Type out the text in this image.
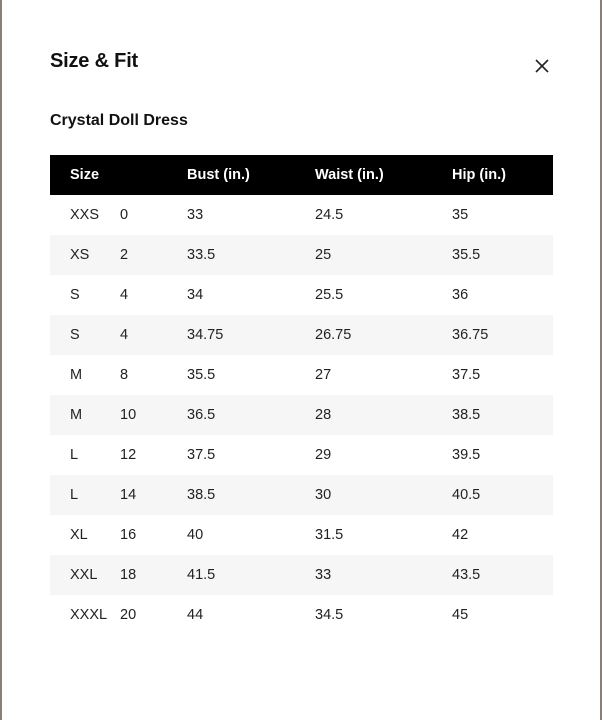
Size & Fit
Crystal Doll Dress
Size		Bust (in.)	Waist (in.)	Hip (in.)
XXS	0	33	24.5	35
XS	2	33.5	25	35.5
S	4	34	25.5	36
S	4	34.75	26.75	36.75
M	8	35.5	27	37.5
M	10	36.5	28	38.5
L	12	37.5	29	39.5
L	14	38.5	30	40.5
XL	16	40	31.5	42
XXL	18	41.5	33	43.5
XXXL	20	44	34.5	45
